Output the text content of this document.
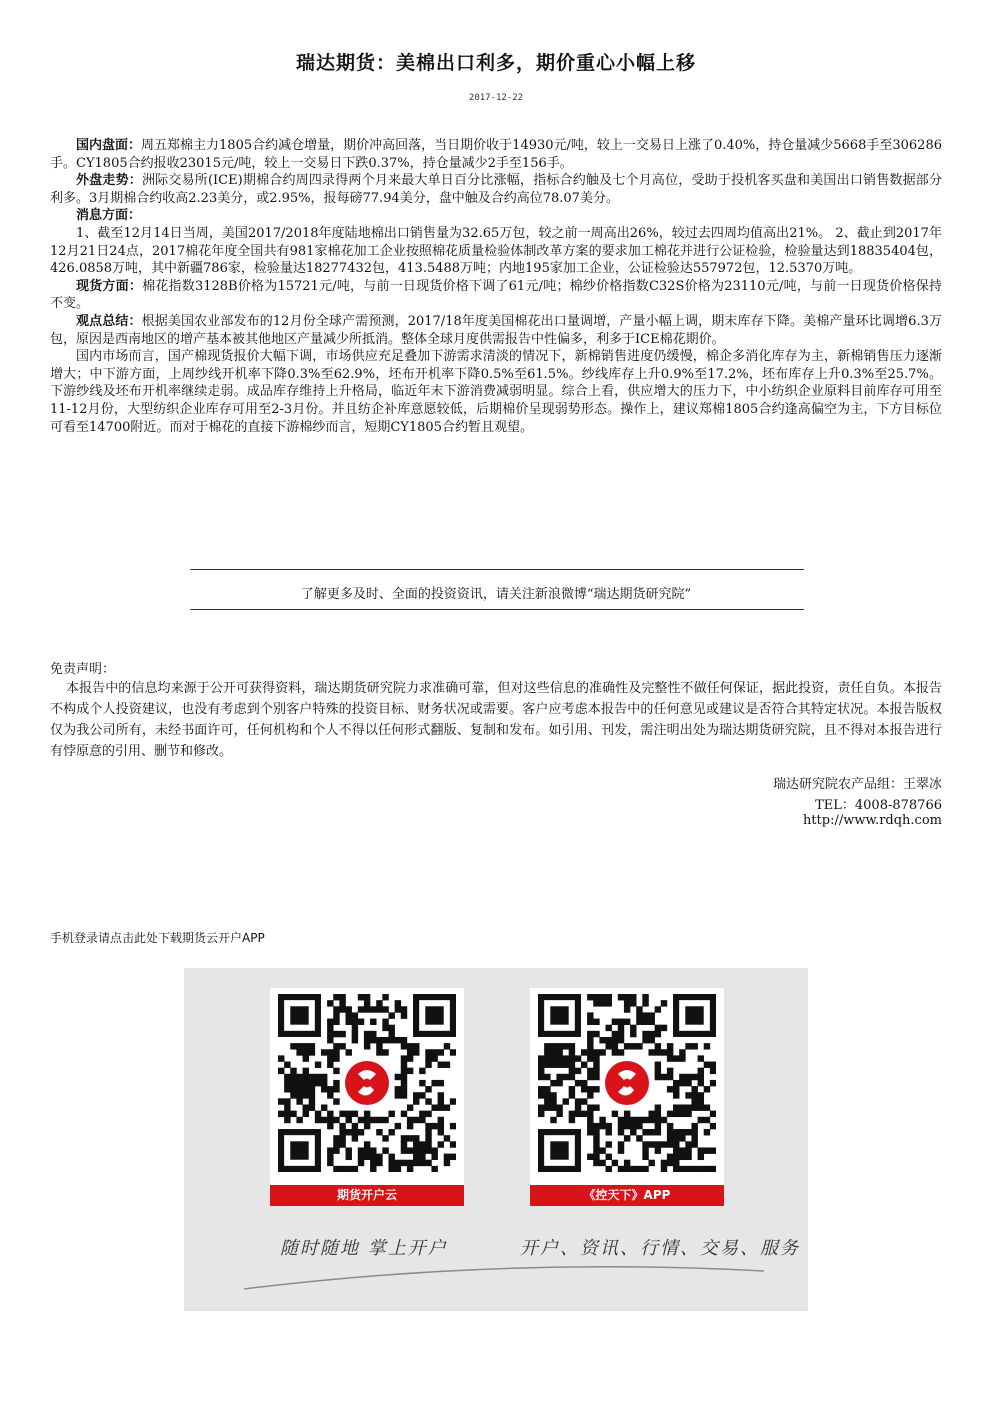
瑞达期货：美棉出口利多，期价重心小幅上移
2017-12-22

国内盘面：周五郑棉主力1805合约减仓增量，期价冲高回落，当日期价收于14930元/吨，较上一交易日上涨了0.40%，持仓量减少5668手至306286手。CY1805合约报收23015元/吨，较上一交易日下跌0.37%，持仓量减少2手至156手。

外盘走势：洲际交易所(ICE)期棉合约周四录得两个月来最大单日百分比涨幅，指标合约触及七个月高位，受助于投机客买盘和美国出口销售数据部分利多。3月期棉合约收高2.23美分，或2.95%，报每磅77.94美分，盘中触及合约高位78.07美分。

消息方面：

1、截至12月14日当周，美国2017/2018年度陆地棉出口销售量为32.65万包，较之前一周高出26%，较过去四周均值高出21%。 2、截止到2017年12月21日24点，2017棉花年度全国共有981家棉花加工企业按照棉花质量检验体制改革方案的要求加工棉花并进行公证检验，检验量达到18835404包，426.0858万吨，其中新疆786家，检验量达18277432包，413.5488万吨；内地195家加工企业，公证检验达557972包，12.5370万吨。

现货方面：棉花指数3128B价格为15721元/吨，与前一日现货价格下调了61元/吨；棉纱价格指数C32S价格为23110元/吨，与前一日现货价格保持不变。

观点总结：根据美国农业部发布的12月份全球产需预测，2017/18年度美国棉花出口量调增，产量小幅上调，期末库存下降。美棉产量环比调增6.3万包，原因是西南地区的增产基本被其他地区产量减少所抵消。整体全球月度供需报告中性偏多，利多于ICE棉花期价。

国内市场而言，国产棉现货报价大幅下调，市场供应充足叠加下游需求清淡的情况下，新棉销售进度仍缓慢，棉企多消化库存为主，新棉销售压力逐渐增大；中下游方面，上周纱线开机率下降0.3%至62.9%，坯布开机率下降0.5%至61.5%。纱线库存上升0.9%至17.2%，坯布库存上升0.3%至25.7%。下游纱线及坯布开机率继续走弱。成品库存维持上升格局，临近年末下游消费减弱明显。综合上看，供应增大的压力下，中小纺织企业原料目前库存可用至11-12月份，大型纺织企业库存可用至2-3月份。并且纺企补库意愿较低，后期棉价呈现弱势形态。操作上，建议郑棉1805合约逢高偏空为主，下方目标位可看至14700附近。而对于棉花的直接下游棉纱而言，短期CY1805合约暂且观望。

了解更多及时、全面的投资资讯，请关注新浪微博“瑞达期货研究院”
免责声明：

本报告中的信息均来源于公开可获得资料，瑞达期货研究院力求准确可靠，但对这些信息的准确性及完整性不做任何保证，据此投资，责任自负。本报告不构成个人投资建议，也没有考虑到个别客户特殊的投资目标、财务状况或需要。客户应考虑本报告中的任何意见或建议是否符合其特定状况。本报告版权仅为我公司所有，未经书面许可，任何机构和个人不得以任何形式翻版、复制和发布。如引用、刊发，需注明出处为瑞达期货研究院，且不得对本报告进行有悖原意的引用、删节和修改。

瑞达研究院农产品组：王翠冰
TEL：4008-878766
http://www.rdqh.com
手机登录请点击此处下载期货云开户APP
期货开户云	《控天下》APP
随时随地 掌上开户	开户、资讯、行情、交易、服务
